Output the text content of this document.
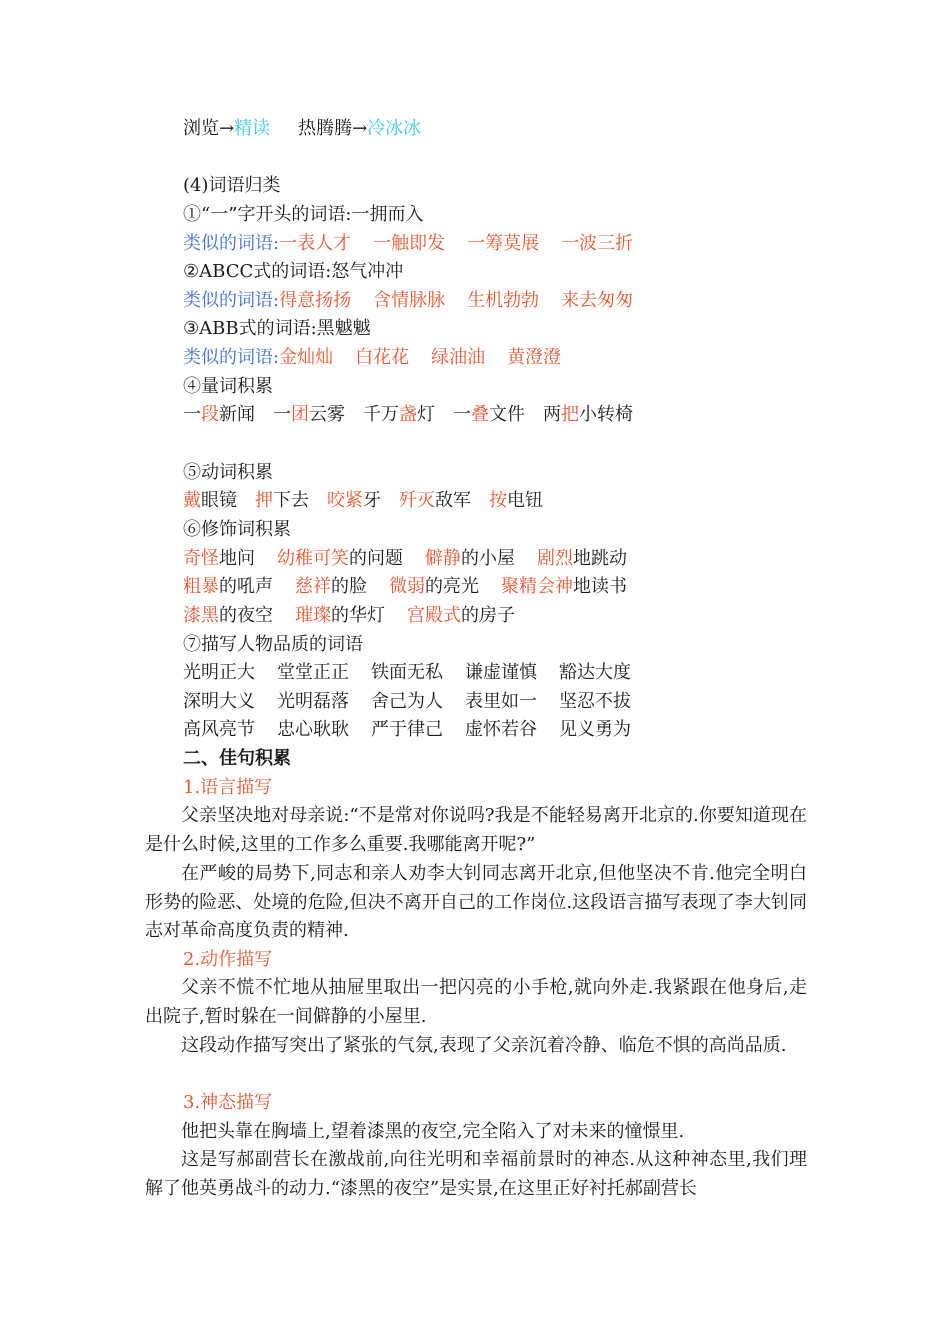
浏览→精读 热腾腾→冷冰冰
(4)词语归类
①“一”字开头的词语:一拥而入
类似的词语:一表人才 一触即发 一筹莫展 一波三折
②ABCC式的词语:怒气冲冲
类似的词语:得意扬扬 含情脉脉 生机勃勃 来去匆匆
③ABB式的词语:黑魆魆
类似的词语:金灿灿 白花花 绿油油 黄澄澄
④量词积累
一段新闻 一团云雾 千万盏灯 一叠文件 两把小转椅
⑤动词积累
戴眼镜 押下去 咬紧牙 歼灭敌军 按电钮
⑥修饰词积累
奇怪地问 幼稚可笑的问题 僻静的小屋 剧烈地跳动
粗暴的吼声 慈祥的脸 微弱的亮光 聚精会神地读书
漆黑的夜空 璀璨的华灯 宫殿式的房子
⑦描写人物品质的词语
光明正大 堂堂正正 铁面无私 谦虚谨慎 豁达大度
深明大义 光明磊落 舍己为人 表里如一 坚忍不拔
高风亮节 忠心耿耿 严于律己 虚怀若谷 见义勇为
二、佳句积累
1.语言描写
父亲坚决地对母亲说:“不是常对你说吗?我是不能轻易离开北京的.你要知道现在是什么时候,这里的工作多么重要.我哪能离开呢?”
在严峻的局势下,同志和亲人劝李大钊同志离开北京,但他坚决不肯.他完全明白形势的险恶、处境的危险,但决不离开自己的工作岗位.这段语言描写表现了李大钊同志对革命高度负责的精神.
2.动作描写
父亲不慌不忙地从抽屉里取出一把闪亮的小手枪,就向外走.我紧跟在他身后,走出院子,暂时躲在一间僻静的小屋里.
这段动作描写突出了紧张的气氛,表现了父亲沉着冷静、临危不惧的高尚品质.
3.神态描写
他把头靠在胸墙上,望着漆黑的夜空,完全陷入了对未来的憧憬里.
这是写郝副营长在激战前,向往光明和幸福前景时的神态.从这种神态里,我们理解了他英勇战斗的动力.“漆黑的夜空”是实景,在这里正好衬托郝副营长
